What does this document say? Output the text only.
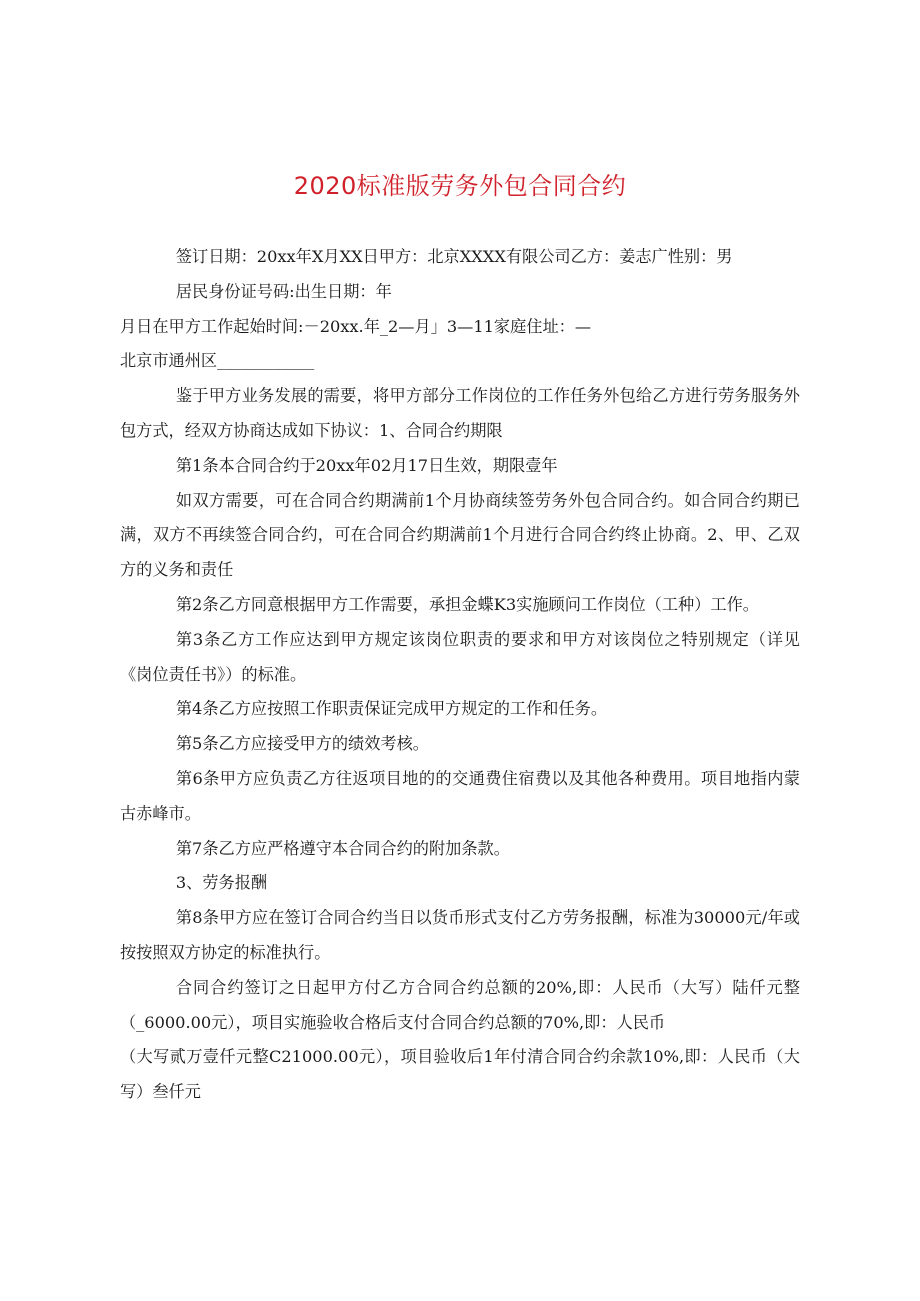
2020标准版劳务外包合同合约

签订日期：20xx年X月XX日甲方：北京XXXX有限公司乙方：姜志广性别：男

居民身份证号码:出生日期：年

月日在甲方工作起始时间:－20xx.年_2—月」3—11家庭住址：—

北京市通州区____________

鉴于甲方业务发展的需要，将甲方部分工作岗位的工作任务外包给乙方进行劳务服务外包方式，经双方协商达成如下协议：1、合同合约期限

第1条本合同合约于20xx年02月17日生效，期限壹年

如双方需要，可在合同合约期满前1个月协商续签劳务外包合同合约。如合同合约期已满，双方不再续签合同合约，可在合同合约期满前1个月进行合同合约终止协商。2、甲、乙双方的义务和责任

第2条乙方同意根据甲方工作需要，承担金蝶K3实施顾问工作岗位（工种）工作。

第3条乙方工作应达到甲方规定该岗位职责的要求和甲方对该岗位之特别规定（详见《岗位责任书》）的标准。

第4条乙方应按照工作职责保证完成甲方规定的工作和任务。

第5条乙方应接受甲方的绩效考核。

第6条甲方应负责乙方往返项目地的的交通费住宿费以及其他各种费用。项目地指内蒙古赤峰市。

第7条乙方应严格遵守本合同合约的附加条款。

3、劳务报酬

第8条甲方应在签订合同合约当日以货币形式支付乙方劳务报酬，标准为30000元/年或按按照双方协定的标准执行。

合同合约签订之日起甲方付乙方合同合约总额的20%,即：人民币（大写）陆仟元整（_6000.00元），项目实施验收合格后支付合同合约总额的70%,即：人民币

（大写贰万壹仟元整C21000.00元），项目验收后1年付清合同合约余款10%,即：人民币（大写）叁仟元
